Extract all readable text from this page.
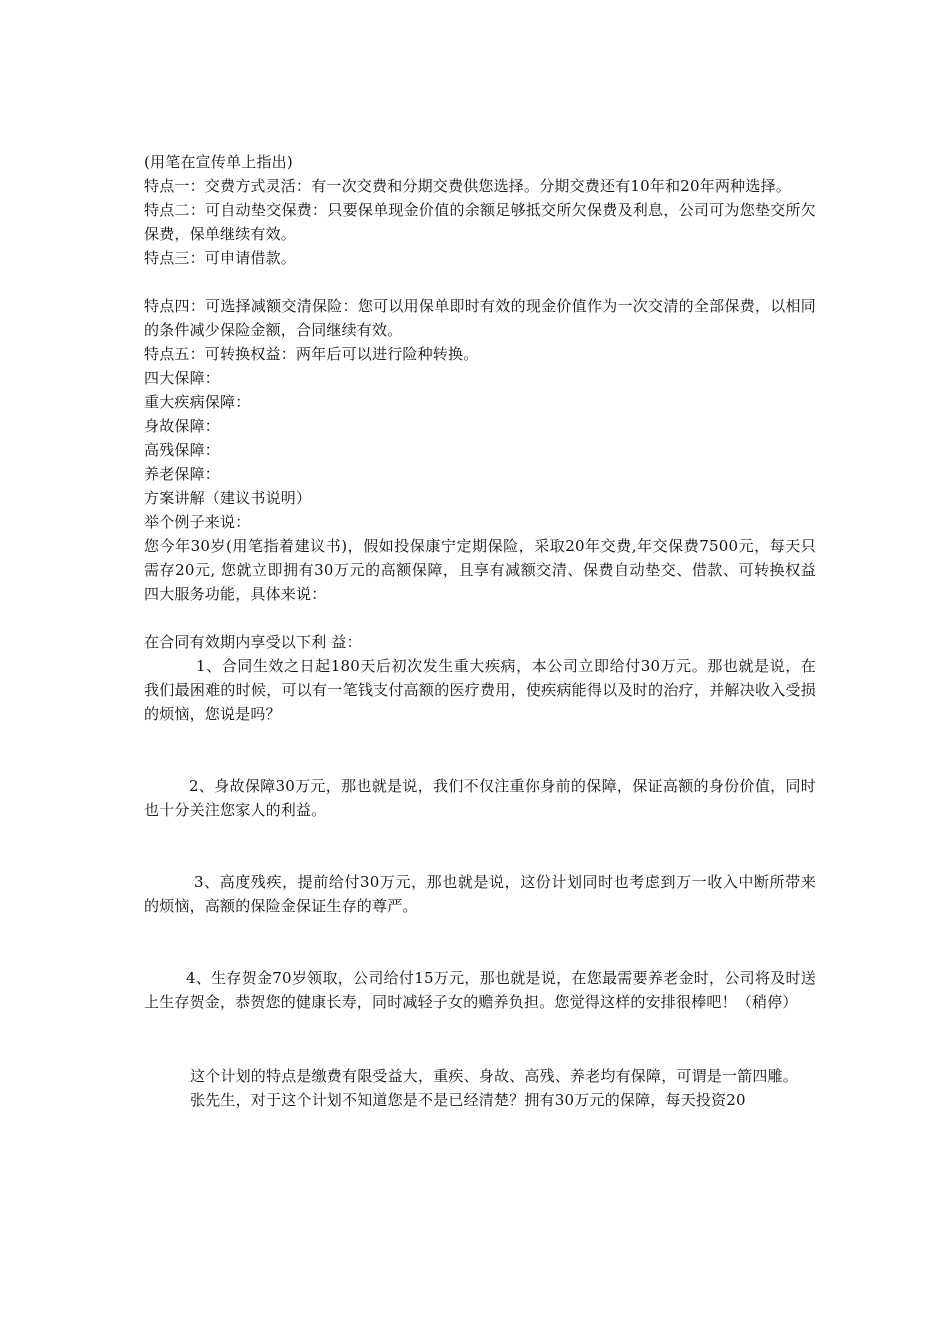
(用笔在宣传单上指出)

特点一：交费方式灵活：有一次交费和分期交费供您选择。分期交费还有10年和20年两种选择。

特点二：可自动垫交保费：只要保单现金价值的余额足够抵交所欠保费及利息，公司可为您垫交所欠保费，保单继续有效。

特点三：可申请借款。

特点四：可选择减额交清保险：您可以用保单即时有效的现金价值作为一次交清的全部保费，以相同的条件减少保险金额，合同继续有效。

特点五：可转换权益：两年后可以进行险种转换。

四大保障：

重大疾病保障：

身故保障：

高残保障：

养老保障：

方案讲解（建议书说明）

举个例子来说：

您今年30岁(用笔指着建议书)，假如投保康宁定期保险，采取20年交费,年交保费7500元，每天只需存20元, 您就立即拥有30万元的高额保障，且享有减额交清、保费自动垫交、借款、可转换权益四大服务功能，具体来说：

在合同有效期内享受以下利 益：

1、合同生效之日起180天后初次发生重大疾病，本公司立即给付30万元。那也就是说，在我们最困难的时候，可以有一笔钱支付高额的医疗费用，使疾病能得以及时的治疗，并解决收入受损的烦恼，您说是吗？

2、身故保障30万元，那也就是说，我们不仅注重你身前的保障，保证高额的身份价值，同时也十分关注您家人的利益。

3、高度残疾，提前给付30万元，那也就是说，这份计划同时也考虑到万一收入中断所带来的烦恼，高额的保险金保证生存的尊严。

4、生存贺金70岁领取，公司给付15万元，那也就是说，在您最需要养老金时，公司将及时送上生存贺金，恭贺您的健康长寿，同时减轻子女的赡养负担。您觉得这样的安排很棒吧！（稍停）

这个计划的特点是缴费有限受益大，重疾、身故、高残、养老均有保障，可谓是一箭四雕。

张先生，对于这个计划不知道您是不是已经清楚？拥有30万元的保障，每天投资20
